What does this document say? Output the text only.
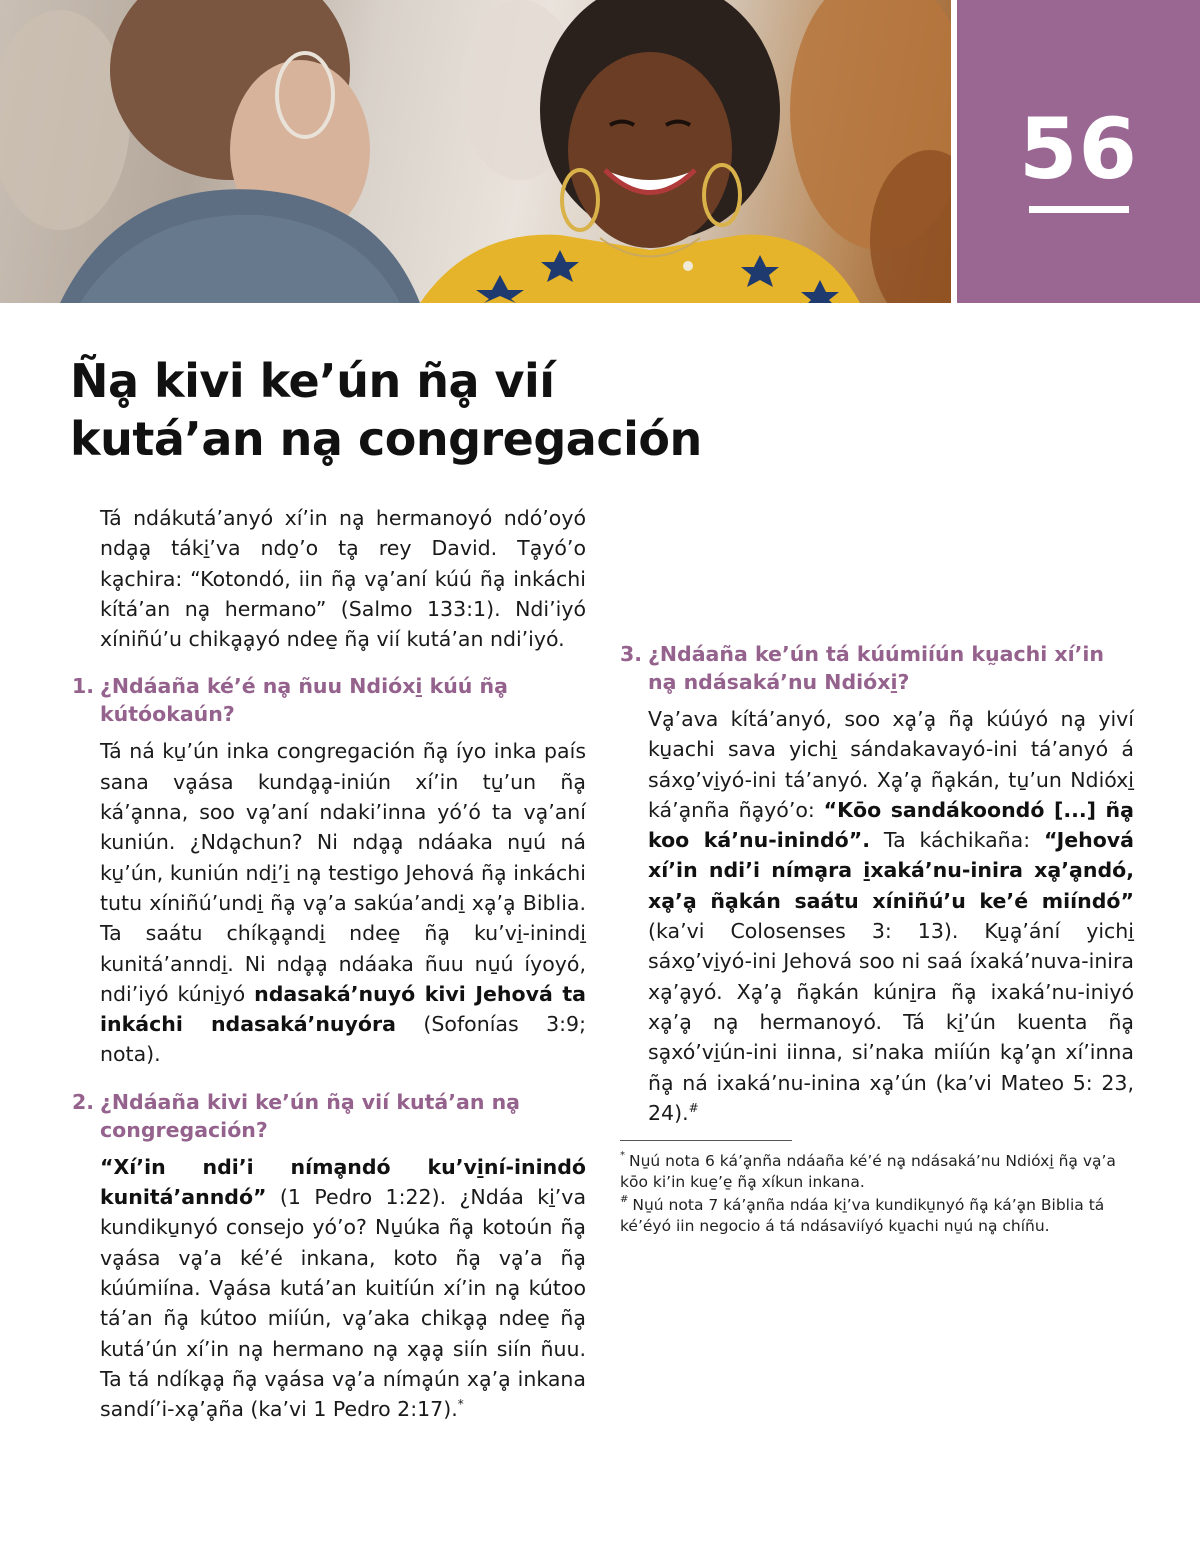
56
Ñḁ kivi ke’ún ñḁ vií
kutá’an nḁ congregación

Tá ndákutá’anyó xí’in nḁ hermanoyó ndó’oyó ndḁḁ táki̱’va ndo̱’o tḁ rey David. Tḁyó’o kḁchira: “Kotondó, iin ñḁ vḁ’aní kúú ñḁ inkáchi kítá’an nḁ hermano” (Salmo 133:1). Ndi’iyó xíniñú’u chikḁḁyó ndee̱ ñḁ vií kutá’an ndi’iyó.

1. ¿Ndáaña ké’é nḁ ñuu Ndióxi̱ kúú ñḁ kútóokaún?

Tá ná ku̱’ún inka congregación ñḁ íyo inka país sana vḁása kundḁḁ-iniún xí’in tu̱’un ñḁ ká’ḁnna, soo vḁ’aní ndaki’inna yó’ó ta vḁ’aní kuniún. ¿Ndḁchun? Ni ndḁḁ ndáaka nu̱ú ná ku̱’ún, kuniún ndi̱’i̱ nḁ testigo Jehová ñḁ inkáchi tutu xíniñú’undi̱ ñḁ vḁ’a sakúa’andi̱ xḁ’ḁ Biblia. Ta saátu chíkḁḁndi̱ ndee̱ ñḁ ku’vi̱-inindi̱ kunitá’anndi̱. Ni ndḁḁ ndáaka ñuu nu̱ú íyoyó, ndi’iyó kúni̱yó ndasaká’nuyó kivi Jehová ta inkáchi ndasaká’nuyóra (Sofonías 3:9; nota).

2. ¿Ndáaña kivi ke’ún ñḁ vií kutá’an nḁ congregación?

“Xí’in ndi’i nímḁndó ku’vi̱ní-inindó kunitá’anndó” (1 Pedro 1:22). ¿Ndáa ki̱’va kundiku̱nyó consejo yó’o? Nu̱úka ñḁ kotoún ñḁ vḁása vḁ’a ké’é inkana, koto ñḁ vḁ’a ñḁ kúúmiína. Vḁása kutá’an kuitíún xí’in nḁ kútoo tá’an ñḁ kútoo miíún, vḁ’aka chikḁḁ ndee̱ ñḁ kutá’ún xí’in nḁ hermano nḁ xḁḁ siín siín ñuu. Ta tá ndíkḁḁ ñḁ vḁása vḁ’a nímḁún xḁ’ḁ inkana sandí’i-xḁ’ḁña (ka’vi 1 Pedro 2:17).*

3. ¿Ndáaña ke’ún tá kúúmiíún kṵachi xí’in nḁ ndásaká’nu Ndióxi̱?

Vḁ’ava kítá’anyó, soo xḁ’ḁ ñḁ kúúyó nḁ yiví ku̱achi sava yichi̱ sándakavayó-ini tá’anyó á sáxo̱’vi̱yó-ini tá’anyó. Xḁ’ḁ ñḁkán, tu̱’un Ndióxi̱ ká’ḁnña ñḁyó’o: “Kōo sandákoondó [...] ñḁ koo ká’nu-inindó”. Ta káchikaña: “Jehová xí’in ndi’i nímḁra i̱xaká’nu-inira xḁ’ḁndó, xḁ’ḁ ñḁkán saátu xíniñú’u ke’é miíndó” (ka’vi Colosenses 3: 13). Ku̱ḁ’ání yichi̱ sáxo̱’vi̱yó-ini Jehová soo ni saá íxaká’nuva-inira xḁ’ḁyó. Xḁ’ḁ ñḁkán kúni̱ra ñḁ ixaká’nu-iniyó xḁ’ḁ nḁ hermanoyó. Tá ki̱’ún kuenta ñḁ sḁxó’vi̱ún-ini iinna, si’naka miíún kḁ’ḁn xí’inna ñḁ ná ixaká’nu-inina xḁ’ún (ka’vi Mateo 5: 23, 24).#

* Nu̱ú nota 6 ká’ḁnña ndáaña ké’é nḁ ndásaká’nu Ndióxi̱ ñḁ vḁ’a kōo ki’in kue̱’e̱ ñḁ xíkun inkana.

# Nu̱ú nota 7 ká’ḁnña ndáa ki̱’va kundiku̱nyó ñḁ ká’ḁn Biblia tá ké’éyó iin negocio á tá ndásaviíyó ku̱achi nu̱ú nḁ chíñu.
